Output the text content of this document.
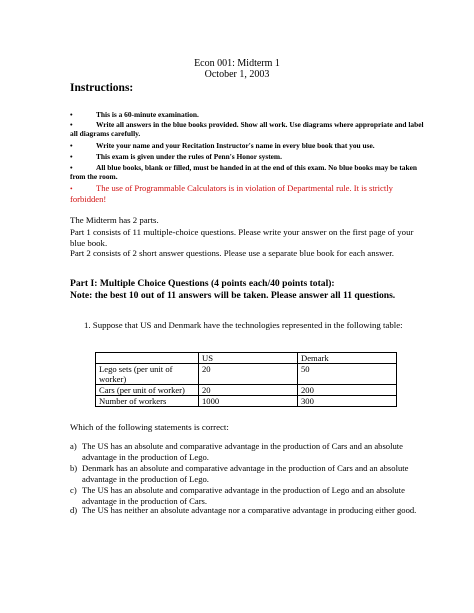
Econ 001: Midterm 1
October 1, 2003
Instructions:
•	This is a 60-minute examination.
•	Write all answers in the blue books provided. Show all work. Use diagrams where appropriate and label all diagrams carefully.
•	Write your name and your Recitation Instructor's name in every blue book that you use.
•	This exam is given under the rules of Penn's Honor system.
•	All blue books, blank or filled, must be handed in at the end of this exam. No blue books may be taken from the room.
•	The use of Programmable Calculators is in violation of Departmental rule. It is strictly forbidden!
The Midterm has 2 parts.
Part 1 consists of 11 multiple-choice questions. Please write your answer on the first page of your blue book.
Part 2 consists of 2 short answer questions. Please use a separate blue book for each answer.
Part I: Multiple Choice Questions (4 points each/40 points total):
Note: the best 10 out of 11 answers will be taken. Please answer all 11 questions.
1. Suppose that US and Denmark have the technologies represented in the following table:
	US	Demark
Lego sets (per unit of worker)	20	50
Cars (per unit of worker)	20	200
Number of workers	1000	300
Which of the following statements is correct:
a) The US has an absolute and comparative advantage in the production of Cars and an absolute advantage in the production of Lego.
b) Denmark has an absolute and comparative advantage in the production of Cars and an absolute advantage in the production of Lego.
c) The US has an absolute and comparative advantage in the production of Lego and an absolute advantage in the production of Cars.
d) The US has neither an absolute advantage nor a comparative advantage in producing either good.
